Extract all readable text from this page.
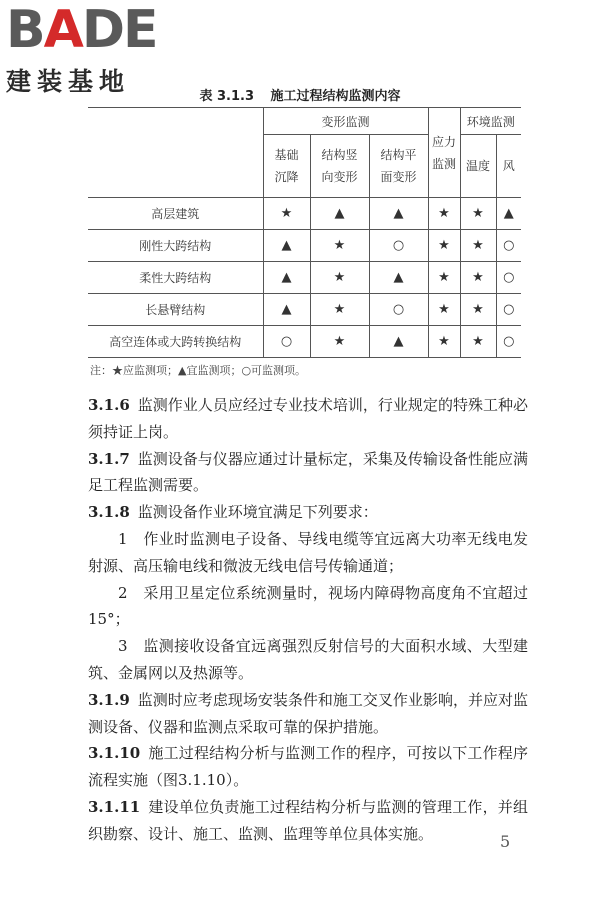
BADE
建装基地
表 3.1.3 施工过程结构监测内容
	变形监测			应力监测	环境监测	
	基础沉降	结构竖向变形	结构平面变形		温度	风
高层建筑	★	▲	▲	★	★	▲
刚性大跨结构	▲	★	○	★	★	○
柔性大跨结构	▲	★	▲	★	★	○
长悬臂结构	▲	★	○	★	★	○
高空连体或大跨转换结构	○	★	▲	★	★	○
注：★应监测项；▲宜监测项；○可监测项。

3.1.6 监测作业人员应经过专业技术培训，行业规定的特殊工种必须持证上岗。

3.1.7 监测设备与仪器应通过计量标定，采集及传输设备性能应满足工程监测需要。

3.1.8 监测设备作业环境宜满足下列要求：

1　作业时监测电子设备、导线电缆等宜远离大功率无线电发射源、高压输电线和微波无线电信号传输通道；

2　采用卫星定位系统测量时，视场内障碍物高度角不宜超过15°；

3　监测接收设备宜远离强烈反射信号的大面积水域、大型建筑、金属网以及热源等。

3.1.9 监测时应考虑现场安装条件和施工交叉作业影响，并应对监测设备、仪器和监测点采取可靠的保护措施。

3.1.10 施工过程结构分析与监测工作的程序，可按以下工作程序流程实施（图3.1.10）。

3.1.11 建设单位负责施工过程结构分析与监测的管理工作，并组织勘察、设计、施工、监测、监理等单位具体实施。	5
